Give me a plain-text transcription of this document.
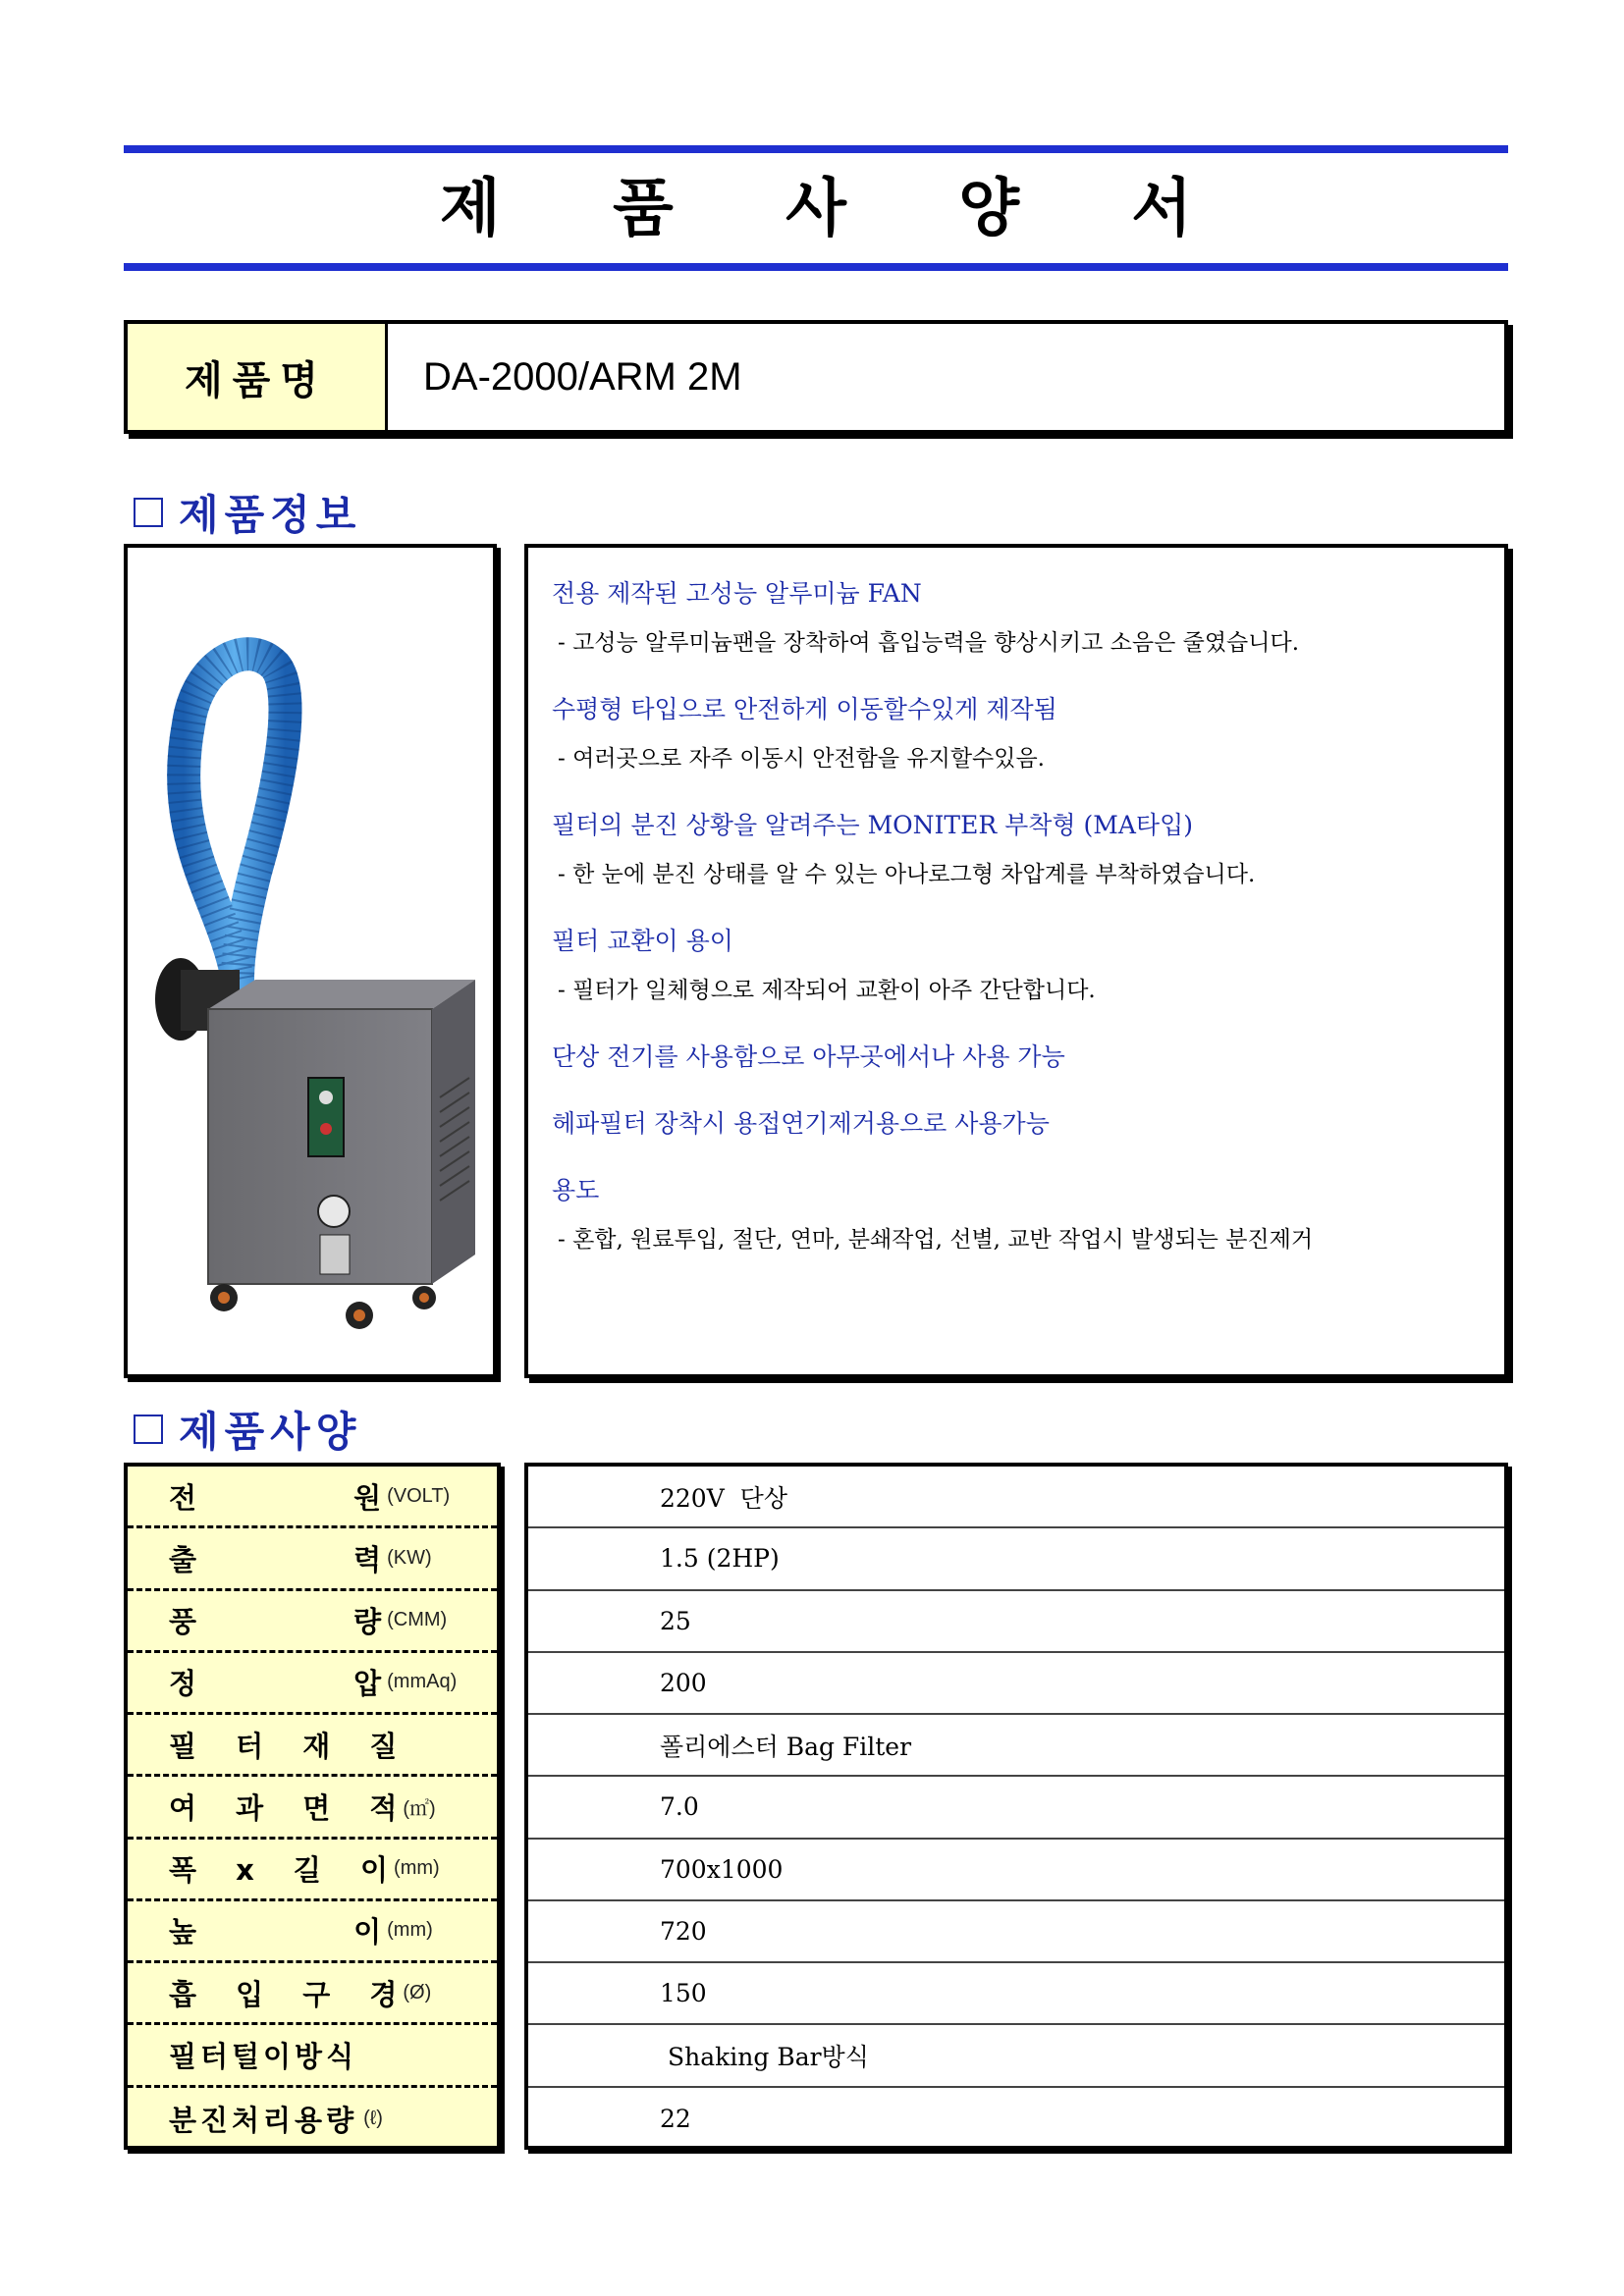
제 품 사 양 서
제품명	DA-2000/ARM 2M
제품정보

전용 제작된 고성능 알루미늄 FAN

- 고성능 알루미늄팬을 장착하여 흡입능력을 향상시키고 소음은 줄였습니다.

수평형 타입으로 안전하게 이동할수있게 제작됨

- 여러곳으로 자주 이동시 안전함을 유지할수있음.

필터의 분진 상황을 알려주는 MONITER 부착형 (MA타입)

- 한 눈에 분진 상태를 알 수 있는 아나로그형 차압계를 부착하였습니다.

필터 교환이 용이

- 필터가 일체형으로 제작되어 교환이 아주 간단합니다.

단상 전기를 사용함으로 아무곳에서나 사용 가능

헤파필터 장착시 용접연기제거용으로 사용가능

용도

- 혼합, 원료투입, 절단, 연마, 분쇄작업, 선별, 교반 작업시 발생되는 분진제거

제품사양
전 원 (VOLT)
출 력 (KW)
풍 량 (CMM)
정 압 (mmAq)
필 터 재 질
여 과 면 적 (㎡)
폭 x 길 이 (mm)
높 이 (mm)
흡 입 구 경 (Ø)
필터털이방식
분진처리용량 (ℓ)
220V  단상
1.5 (2HP)
25
200
폴리에스터 Bag Filter
7.0
700x1000
720
150
Shaking Bar방식
22
